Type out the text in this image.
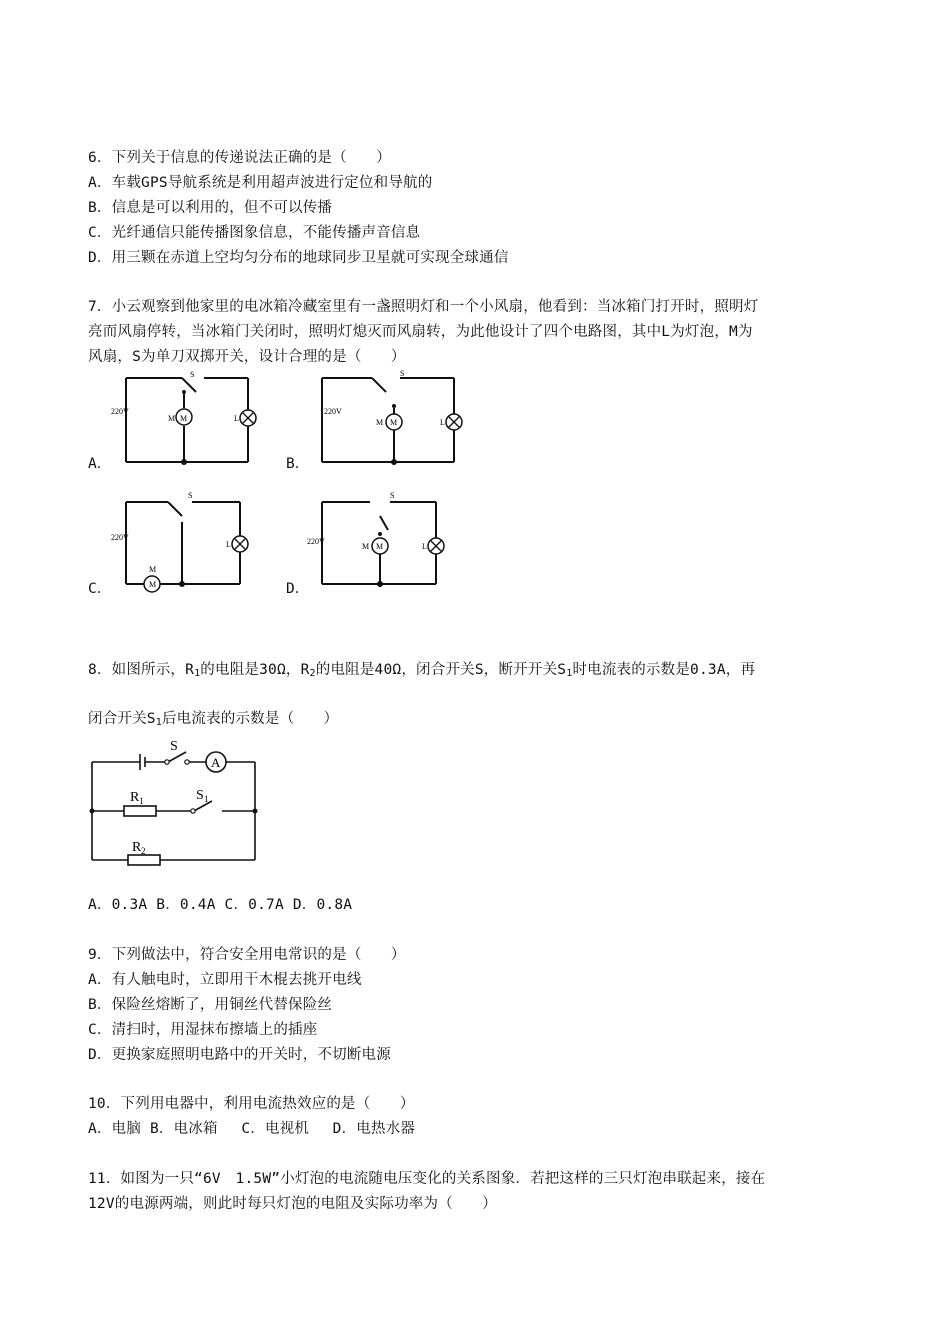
6．下列关于信息的传递说法正确的是（　　）
A．车载GPS导航系统是利用超声波进行定位和导航的
B．信息是可以利用的，但不可以传播
C．光纤通信只能传播图象信息，不能传播声音信息
D．用三颗在赤道上空均匀分布的地球同步卫星就可实现全球通信
7．小云观察到他家里的电冰箱冷藏室里有一盏照明灯和一个小风扇，他看到：当冰箱门打开时，照明灯
亮而风扇停转，当冰箱门关闭时，照明灯熄灭而风扇转，为此他设计了四个电路图，其中L为灯泡，M为
风扇，S为单刀双掷开关，设计合理的是（　　）
M
M	L
S
220V
A．
M
M	L
S
220V
B．
M
M
L
S
220V
C．
M
M	L
S
220V
D．
8．如图所示，$R_1$的电阻是30Ω，$R_2$的电阻是40Ω，闭合开关S，断开开关$S_1$时电流表的示数是0.3A，再
闭合开关$S_1$后电流表的示数是（　　）
A
S
S 1
R 1
R 2
A．0.3A B．0.4A C．0.7A D．0.8A
9．下列做法中，符合安全用电常识的是（　　）
A．有人触电时，立即用干木棍去挑开电线
B．保险丝熔断了，用铜丝代替保险丝
C．清扫时，用湿抹布擦墙上的插座
D．更换家庭照明电路中的开关时，不切断电源
10．下列用电器中，利用电流热效应的是（　　）
A．电脑 B．电冰箱　 C．电视机　 D．电热水器
11．如图为一只“6V　1.5W”小灯泡的电流随电压变化的关系图象．若把这样的三只灯泡串联起来，接在
12V的电源两端，则此时每只灯泡的电阻及实际功率为（　　）
